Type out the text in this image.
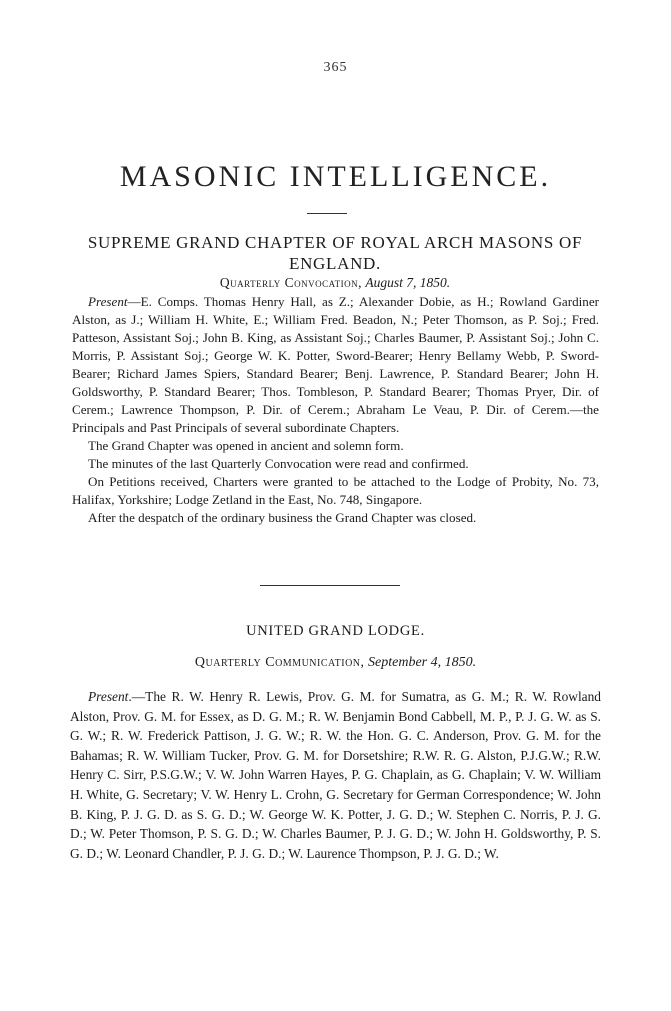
365
MASONIC INTELLIGENCE.
SUPREME GRAND CHAPTER OF ROYAL ARCH MASONS OF ENGLAND.
Quarterly Convocation, August 7, 1850.

Present—E. Comps. Thomas Henry Hall, as Z.; Alexander Dobie, as H.; Rowland Gardiner Alston, as J.; William H. White, E.; William Fred. Beadon, N.; Peter Thomson, as P. Soj.; Fred. Patteson, Assistant Soj.; John B. King, as Assistant Soj.; Charles Baumer, P. Assistant Soj.; John C. Morris, P. Assistant Soj.; George W. K. Potter, Sword-Bearer; Henry Bellamy Webb, P. Sword-Bearer; Richard James Spiers, Standard Bearer; Benj. Lawrence, P. Standard Bearer; John H. Goldsworthy, P. Standard Bearer; Thos. Tombleson, P. Standard Bearer; Thomas Pryer, Dir. of Cerem.; Lawrence Thompson, P. Dir. of Cerem.; Abraham Le Veau, P. Dir. of Cerem.—the Principals and Past Principals of several subordinate Chapters.

The Grand Chapter was opened in ancient and solemn form.

The minutes of the last Quarterly Convocation were read and confirmed.

On Petitions received, Charters were granted to be attached to the Lodge of Probity, No. 73, Halifax, Yorkshire; Lodge Zetland in the East, No. 748, Singapore.

After the despatch of the ordinary business the Grand Chapter was closed.

UNITED GRAND LODGE.
Quarterly Communication, September 4, 1850.

Present.—The R. W. Henry R. Lewis, Prov. G. M. for Sumatra, as G. M.; R. W. Rowland Alston, Prov. G. M. for Essex, as D. G. M.; R. W. Benjamin Bond Cabbell, M. P., P. J. G. W. as S. G. W.; R. W. Frederick Pattison, J. G. W.; R. W. the Hon. G. C. Anderson, Prov. G. M. for the Bahamas; R. W. William Tucker, Prov. G. M. for Dorsetshire; R.W. R. G. Alston, P.J.G.W.; R.W. Henry C. Sirr, P.S.G.W.; V. W. John Warren Hayes, P. G. Chaplain, as G. Chaplain; V. W. William H. White, G. Secretary; V. W. Henry L. Crohn, G. Secretary for German Correspondence; W. John B. King, P. J. G. D. as S. G. D.; W. George W. K. Potter, J. G. D.; W. Stephen C. Norris, P. J. G. D.; W. Peter Thomson, P. S. G. D.; W. Charles Baumer, P. J. G. D.; W. John H. Goldsworthy, P. S. G. D.; W. Leonard Chandler, P. J. G. D.; W. Laurence Thompson, P. J. G. D.; W.
